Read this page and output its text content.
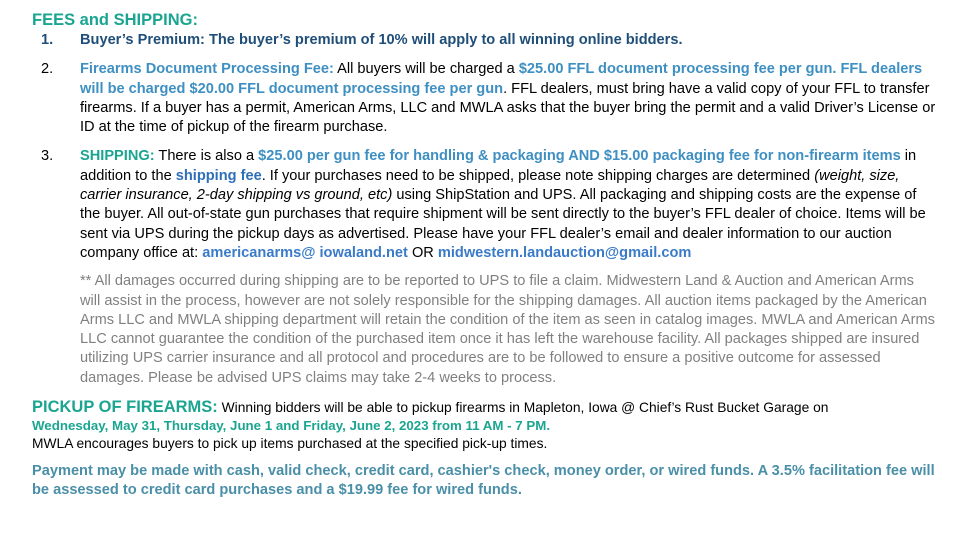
FEES and SHIPPING:
1. Buyer’s Premium: The buyer’s premium of 10% will apply to all winning online bidders.
2. Firearms Document Processing Fee: All buyers will be charged a $25.00 FFL document processing fee per gun. FFL dealers will be charged $20.00 FFL document processing fee per gun. FFL dealers, must bring have a valid copy of your FFL to transfer firearms. If a buyer has a permit, American Arms, LLC and MWLA asks that the buyer bring the permit and a valid Driver’s License or ID at the time of pickup of the firearm purchase.
3. SHIPPING: There is also a $25.00 per gun fee for handling & packaging AND $15.00 packaging fee for non-firearm items in addition to the shipping fee. If your purchases need to be shipped, please note shipping charges are determined (weight, size, carrier insurance, 2-day shipping vs ground, etc) using ShipStation and UPS. All packaging and shipping costs are the expense of the buyer. All out-of-state gun purchases that require shipment will be sent directly to the buyer’s FFL dealer of choice. Items will be sent via UPS during the pickup days as advertised. Please have your FFL dealer’s email and dealer information to our auction company office at: americanarms@ iowaland.net OR midwestern.landauction@gmail.com
** All damages occurred during shipping are to be reported to UPS to file a claim. Midwestern Land & Auction and American Arms will assist in the process, however are not solely responsible for the shipping damages. All auction items packaged by the American Arms LLC and MWLA shipping department will retain the condition of the item as seen in catalog images. MWLA and American Arms LLC cannot guarantee the condition of the purchased item once it has left the warehouse facility. All packages shipped are insured utilizing UPS carrier insurance and all protocol and procedures are to be followed to ensure a positive outcome for assessed damages. Please be advised UPS claims may take 2-4 weeks to process.
PICKUP OF FIREARMS: Winning bidders will be able to pickup firearms in Mapleton, Iowa @ Chief’s Rust Bucket Garage on
Wednesday, May 31, Thursday, June 1 and Friday, June 2, 2023 from 11 AM - 7 PM.
MWLA encourages buyers to pick up items purchased at the specified pick-up times.
Payment may be made with cash, valid check, credit card, cashier's check, money order, or wired funds. A 3.5% facilitation fee will be assessed to credit card purchases and a $19.99 fee for wired funds.
